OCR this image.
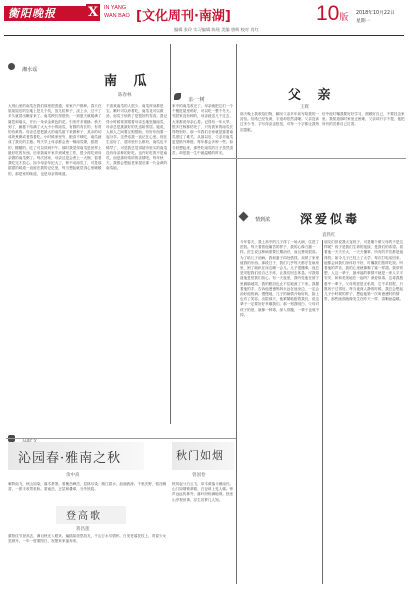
衡阳晚报 X	IN YANG
WAN BAO [文化周刊·南湖]	10版 2018年10月22日
星期一
编辑 张玲 实习编辑 陈瑶 美编 唐辉 校对 肖红
湘水谣
南 瓜
陈春林
大别山里的南瓜在我们那里很普通，家家户户都种。春天在屋前屋后的空地上挖几个坑，放几粒种子，浇上水，过不了多久就冒出嫩芽来了。南瓜秧长得很快，一到夏天就爬满了篱笆和墙头，开出一朵朵金黄色的花，引来许多蜜蜂。秋天到了，藤蔓下结满了大大小小的南瓜，有圆的有长的，有青的有黄的。母亲总是把最大的南瓜留下来做种子，其余的切成块煮粥或者蒸着吃。小时候家里穷，粮食不够吃，南瓜就成了我们的主粮。每天早上母亲都会煮一锅南瓜粥，甜甜的，糯糯的，吃了可以顶到中午。那时我觉得南瓜是世界上最好吃的东西。后来我离开家乡到城里工作，很少再吃到母亲做的南瓜粥了。每次回家，母亲还是会煮上一大锅，看着我吃完才放心。如今母亲年纪大了，种不动南瓜了，可是那甜甜的味道一直留在我的记忆里，每当想起就觉得心里暖暖的，那是家的味道，也是母亲的味道。
不喜欢南瓜的人很少，南瓜浑身都是宝。嫩叶可以炒着吃，南瓜花可以做汤，南瓜子炒熟了是很好的零食。我记得小时候常常跟着母亲去地里摘南瓜，母亲总是挑最好的先送给邻居。她说，人和人之间要互相帮助，有好东西要一起分享。这些话我一直记在心里。现在生活好了，超市里什么都有，南瓜也不稀罕了，可是我总觉得超市里买的南瓜没有母亲种的好吃。也许好吃的不是南瓜，而是那份浓浓的亲情吧。每年秋天，我都会想起老家屋后那一片金黄的南瓜地。
家中的南瓜收完了，母亲就把它们一个个搬进屋里码好，可以吃一整个冬天。邻居家没有种的，母亲就送几个过去，大家都说母亲心善。记得有一年大旱，很多庄稼都枯死了，只有我家的南瓜长得特别好，那一年我们全家就是靠着南瓜度过了难关。从那以后，父亲对南瓜更是格外珍惜，每年都会多种一些。如今回想起来，那些吃南瓜的日子虽然清苦，却是我一生中最温暖的时光。
亲·一树	父 亲
王辉
那天晚上我收拾旧物，翻出父亲多年前写给我的一封信。信纸已经发黄，字迹却依然清晰。父亲没读过多少书，字写得歪歪扭扭，可每一个字都让我热泪盈眶。
信中他叮嘱我要好好学习，照顾好自己，不要挂念家里。我知道那时家里正困难，父亲却只字不提，他把所有的苦都自己扛着。
情到浓 深爱似毒
袁铁红
今年春天，我上高中的儿子得了一场大病，住进了医院。每天看着他痛苦的样子，我的心像刀割一样。医生说这种病需要长期治疗，而且费用很高。为了给儿子治病，我和妻子四处借钱，卖掉了家里值钱的东西。那段日子，我们几乎每天都守在病房里，困了就趴在床边睡一会儿。儿子很懂事，他总是安慰我们说自己不疼，让我们回去休息。可我知道他是怕我们担心。有一天夜里，我听见他在被子里偷偷地哭，我的眼泪也止不住地流了下来。我握着他的手，告诉他爸爸妈妈永远在他身边，一定会治好他的病。慢慢地，儿子的病情开始好转，脸上也有了笑容。出院那天，他紧紧地抱着我们，说这辈子一定要好好孝顺我们。那一刻我明白，父母对孩子的爱，就像一种毒，深入骨髓，一辈子也戒不掉。
朋友们常说我太宠孩子，可是哪个做父母的不是这样呢？孩子是我们生命的延续，是我们的希望。看着他一天天长大，一天天懂事，所有的辛苦都是值得的。如今儿子已经上了大学，每次打电话回来，他都会问我们身体好不好，叮嘱我们按时吃饭。听着他的声音，我的心里就像喝了蜜一样甜。我常常想，人这一辈子，最幸福的事情不就是一家人平平安安、和和美美地在一起吗？深爱似毒，这毒我愿意中一辈子。父母的爱是无私的，它不求回报，只愿孩子过得好。每当夜深人静的时候，我总会想起儿子小时候的样子，想起他第一次叫爸爸时的情景，那些画面就像发生在昨天一样，清晰而温暖。
沁园春·雅南之秋
余中高
雁阵南飞，秋山如染，落木萧萧。看衡岳峰峦，层林尽染；湘江碧水，浪涌波涛。千里沃野，稻谷飘香，一派丰收景象娇。望南岳，正层林叠翠，分外妖娆。
秋门如烟
曾国卷
秋风起兮白云飞，草木黄落兮雁南归。山门如烟锁翠微，石径斜上见人稀。钟声远远传林外，落叶纷纷满地堆。独坐山亭观世事，浮生若梦几人知。
登高歌
蒋昌莲
重阳佳节登高去，满目秋光入眼来。遍插茱萸思故友，千山万水尽情怀。白发老翁扶杖上，青春少女笑颜开。一年一度重阳日，祝愿家家福寿来。
